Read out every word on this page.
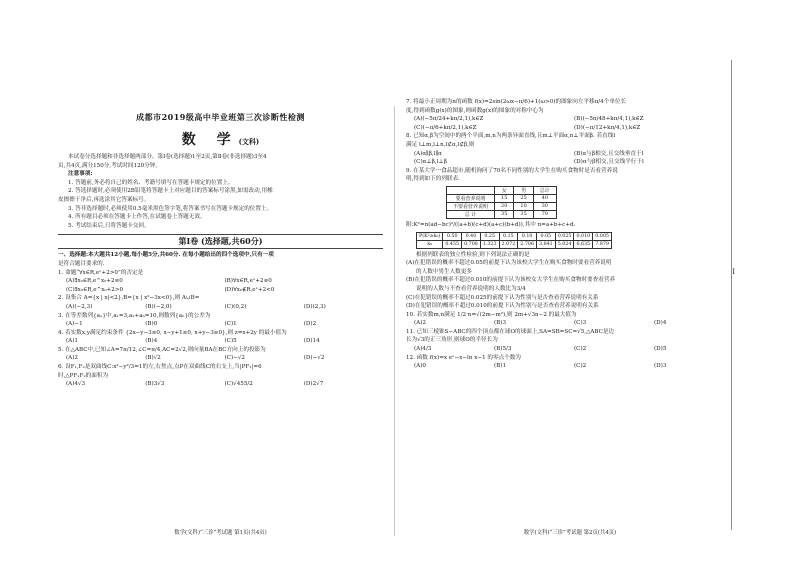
成都市2019级高中毕业班第三次诊断性检测
数 学(文科)
本试卷分选择题和非选择题两部分。第Ⅰ卷(选择题)1至2页,第Ⅱ卷(非选择题)3至4
页,共4页,满分150分,考试时间120分钟。
注意事项:
1. 答题前,务必将自己的姓名、考籍号填写在答题卡规定的位置上。
2. 答选择题时,必须使用2B铅笔将答题卡上对应题目的答案标号涂黑,如需改动,用橡
皮擦擦干净后,再选涂其它答案标号。
3. 答非选择题时,必须使用0.5毫米黑色签字笔,将答案书写在答题卡规定的位置上。
4. 所有题目必须在答题卡上作答,在试题卷上答题无效。
5. 考试结束后,只将答题卡交回。
第Ⅰ卷 (选择题,共60分)
一、选择题:本大题共12小题,每小题5分,共60分. 在每小题给出的四个选项中,只有一项
是符合题目要求的.
1. 命题“∀x∈R,eˣ+2>0”的否定是
(A)∃x₀∈R,e^x₀+2≤0	(B)∀x∈R,eˣ+2≤0
(C)∃x₀∈R,e^x₀+2>0	(D)∀x₀∉R,eˣ+2<0
2. 设集合 A={x | x|<2},B={x | x²−3x<0},则 A∪B=
(A)(−2,3)	(B)(−2,0)	(C)(0,2)	(D)(2,3)
3. 在等差数列{aₙ}中,a₁=3,a₂+a₃=10,则数列{aₙ}的公差为
(A)−1	(B)0	(C)1	(D)2
4. 若实数x,y满足约束条件 {2x−y−3≤0, x−y+1≥0, x+y−3≥0},则 z=x+2y 的最小值为
(A)1	(B)4	(C)5	(D)14
5. 在△ABC中,已知∠A=7π/12,∠C=π/4,AC=2√2,则向量BA在BC方向上的投影为
(A)2	(B)√2	(C)−√2	(D)−√2
6. 设F₁,F₂是双曲线C:x²−y²/3=1的左,右焦点,点P在双曲线C的右支上,当|PF₁|=6
时,△PF₁F₂的面积为
(A)4√3	(B)3√3	(C)√455/2	(D)2√7
数学(文科)“三诊”考试题 第1页(共4页)
7. 将最小正周期为π的函数 f(x)=2sin(2ωx−π/6)+1(ω>0)的图象向左平移π/4个单位长
度,得到函数g(x)的图象,则函数g(x)的图象的对称中心为
(A)(−5π/24+kπ/2,1),k∈Z	(B)(−5π/48+kπ/4,1),k∈Z
(C)(−π/6+kπ/2,1),k∈Z	(D)(−π/12+kπ/4,1),k∈Z
8. 已知α,β为空间中的两个平面,m,n为两条异面直线,且m⊥平面α,n⊥平面β. 若直线l
满足 l⊥m,l⊥n,l⊄α,l⊄β,则
(A)α∥β,l∥α	(B)α与β相交,且交线垂直于l
(C)α⊥β,l⊥β	(D)α与β相交,且交线平行于l
9. 在某大学一食品超市,随机询问了70名不同性别的大学生在购买食物时是否看营养说
明,得到如下的列联表.
	女	男	总计
要看营养说明	15	25	40
不要看营养说明	20	10	30
总 计	35	35	70
附:K²=n(ad−bc)²/((a+b)(c+d)(a+c)(b+d)),其中 n=a+b+c+d.
P(K²≥k₀)	0.50	0.40	0.25	0.15	0.10	0.05	0.025	0.010	0.005
k₀	0.455	0.708	1.323	2.072	2.706	3.841	5.024	6.635	7.879
根据列联表的独立性检验,则下列说法正确的是
(A)在犯错误的概率不超过0.05的前提下认为该校大学生在购买食物时要看营养说明
的人数中男生人数更多
(B)在犯错误的概率不超过0.010的前提下认为该校女大学生在购买食物时要查看营养
说明的人数与不查看营养说明的人数比为3/4
(C)在犯错误的概率不超过0.025的前提下认为性别与是否查看营养说明有关系
(D)在犯错误的概率不超过0.010的前提下认为性别与是否查看营养说明有关系
10. 若实数m,n满足 1/2·n=√(2m−m²),则 2m+√3n−2 的最大值为
(A)2	(B)3	(C)3	(D)4
11. 已知三棱锥S−ABC的四个顶点都在球O的球面上,SA=SB=SC=√5,△ABC是边
长为√3的正三角形,则球O的半径长为
(A)4/3	(B)5/3	(C)2	(D)5
12. 函数 f(x)=x eˣ−x−ln x−1 的零点个数为
(A)0	(B)1	(C)2	(D)3
数学(文科)“三诊”考试题 第2页(共4页)
I
